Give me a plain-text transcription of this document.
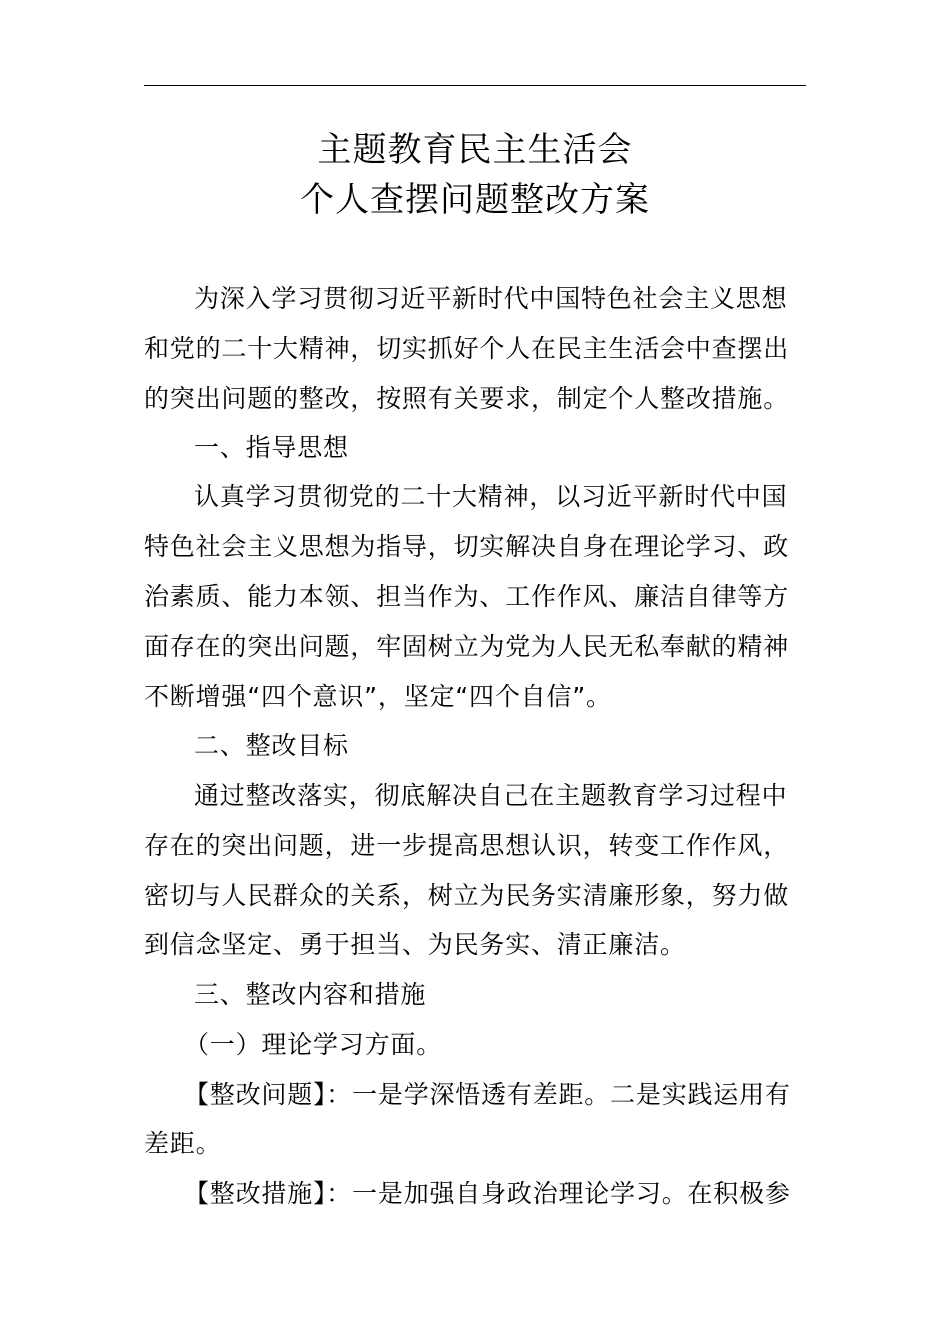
主题教育民主生活会
个人查摆问题整改方案
为深入学习贯彻习近平新时代中国特色社会主义思想
和党的二十大精神，切实抓好个人在民主生活会中查摆出
的突出问题的整改，按照有关要求，制定个人整改措施。
一、指导思想
认真学习贯彻党的二十大精神，以习近平新时代中国
特色社会主义思想为指导，切实解决自身在理论学习、政
治素质、能力本领、担当作为、工作作风、廉洁自律等方
面存在的突出问题，牢固树立为党为人民无私奉献的精神
不断增强“四个意识”，坚定“四个自信”。
二、整改目标
通过整改落实，彻底解决自己在主题教育学习过程中
存在的突出问题，进一步提高思想认识，转变工作作风，
密切与人民群众的关系，树立为民务实清廉形象，努力做
到信念坚定、勇于担当、为民务实、清正廉洁。
三、整改内容和措施
（一）理论学习方面。
【整改问题】：一是学深悟透有差距。二是实践运用有
差距。
【整改措施】：一是加强自身政治理论学习。在积极参
